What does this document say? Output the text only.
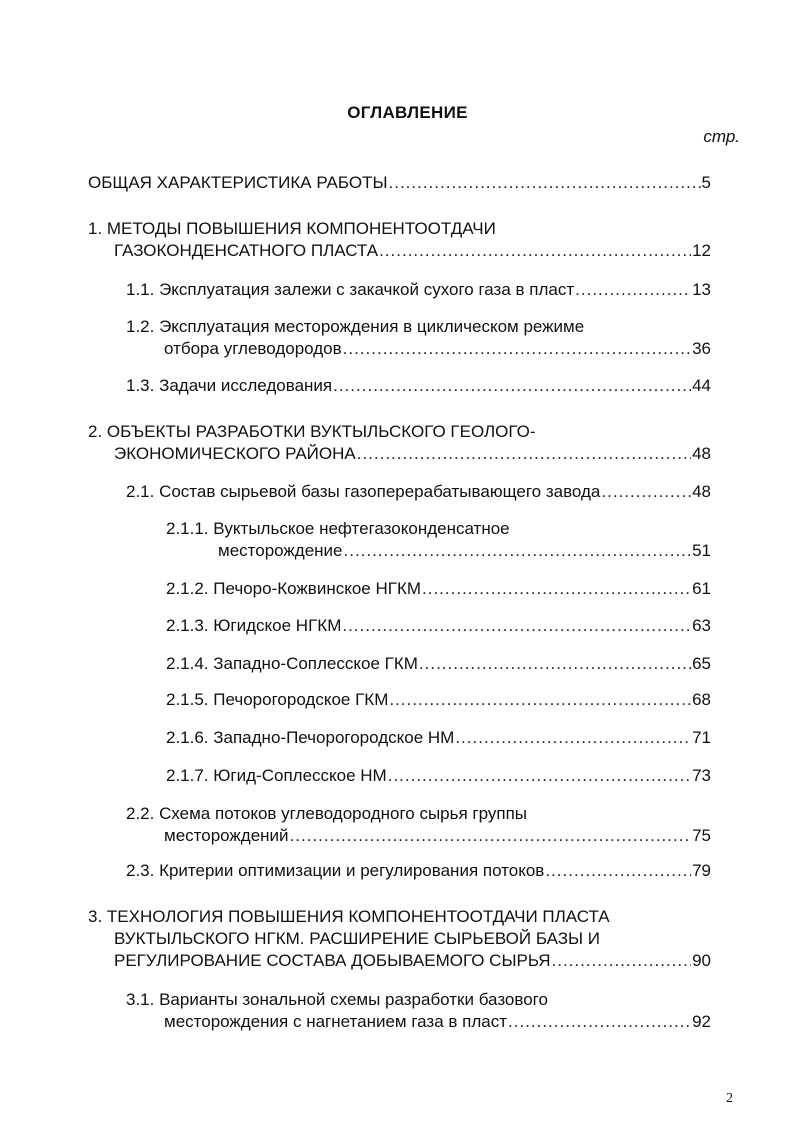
ОГЛАВЛЕНИЕ
стр.
ОБЩАЯ ХАРАКТЕРИСТИКА РАБОТЫ .....	5
1. МЕТОДЫ ПОВЫШЕНИЯ КОМПОНЕНТООТДАЧИ
ГАЗОКОНДЕНСАТНОГО ПЛАСТА .....	12
1.1. Эксплуатация залежи с закачкой сухого газа в пласт .....	13
1.2. Эксплуатация месторождения в циклическом режиме
отбора углеводородов .....	36
1.3. Задачи исследования .....	44
2. ОБЪЕКТЫ РАЗРАБОТКИ ВУКТЫЛЬСКОГО ГЕОЛОГО-
ЭКОНОМИЧЕСКОГО РАЙОНА .....	48
2.1. Состав сырьевой базы газоперерабатывающего завода .....	48
2.1.1. Вуктыльское нефтегазоконденсатное
месторождение .....	51
2.1.2. Печоро-Кожвинское НГКМ .....	61
2.1.3. Югидское НГКМ .....	63
2.1.4. Западно-Соплесское ГКМ .....	65
2.1.5. Печорогородское ГКМ .....	68
2.1.6. Западно-Печорогородское НМ .....	71
2.1.7. Югид-Соплесское НМ .....	73
2.2. Схема потоков углеводородного сырья группы
месторождений .....	75
2.3. Критерии оптимизации и регулирования потоков .....	79
3. ТЕХНОЛОГИЯ ПОВЫШЕНИЯ КОМПОНЕНТООТДАЧИ ПЛАСТА
ВУКТЫЛЬСКОГО НГКМ. РАСШИРЕНИЕ СЫРЬЕВОЙ БАЗЫ И
РЕГУЛИРОВАНИЕ СОСТАВА ДОБЫВАЕМОГО СЫРЬЯ .....	90
3.1. Варианты зональной схемы разработки базового
месторождения с нагнетанием газа в пласт .....	92
2
